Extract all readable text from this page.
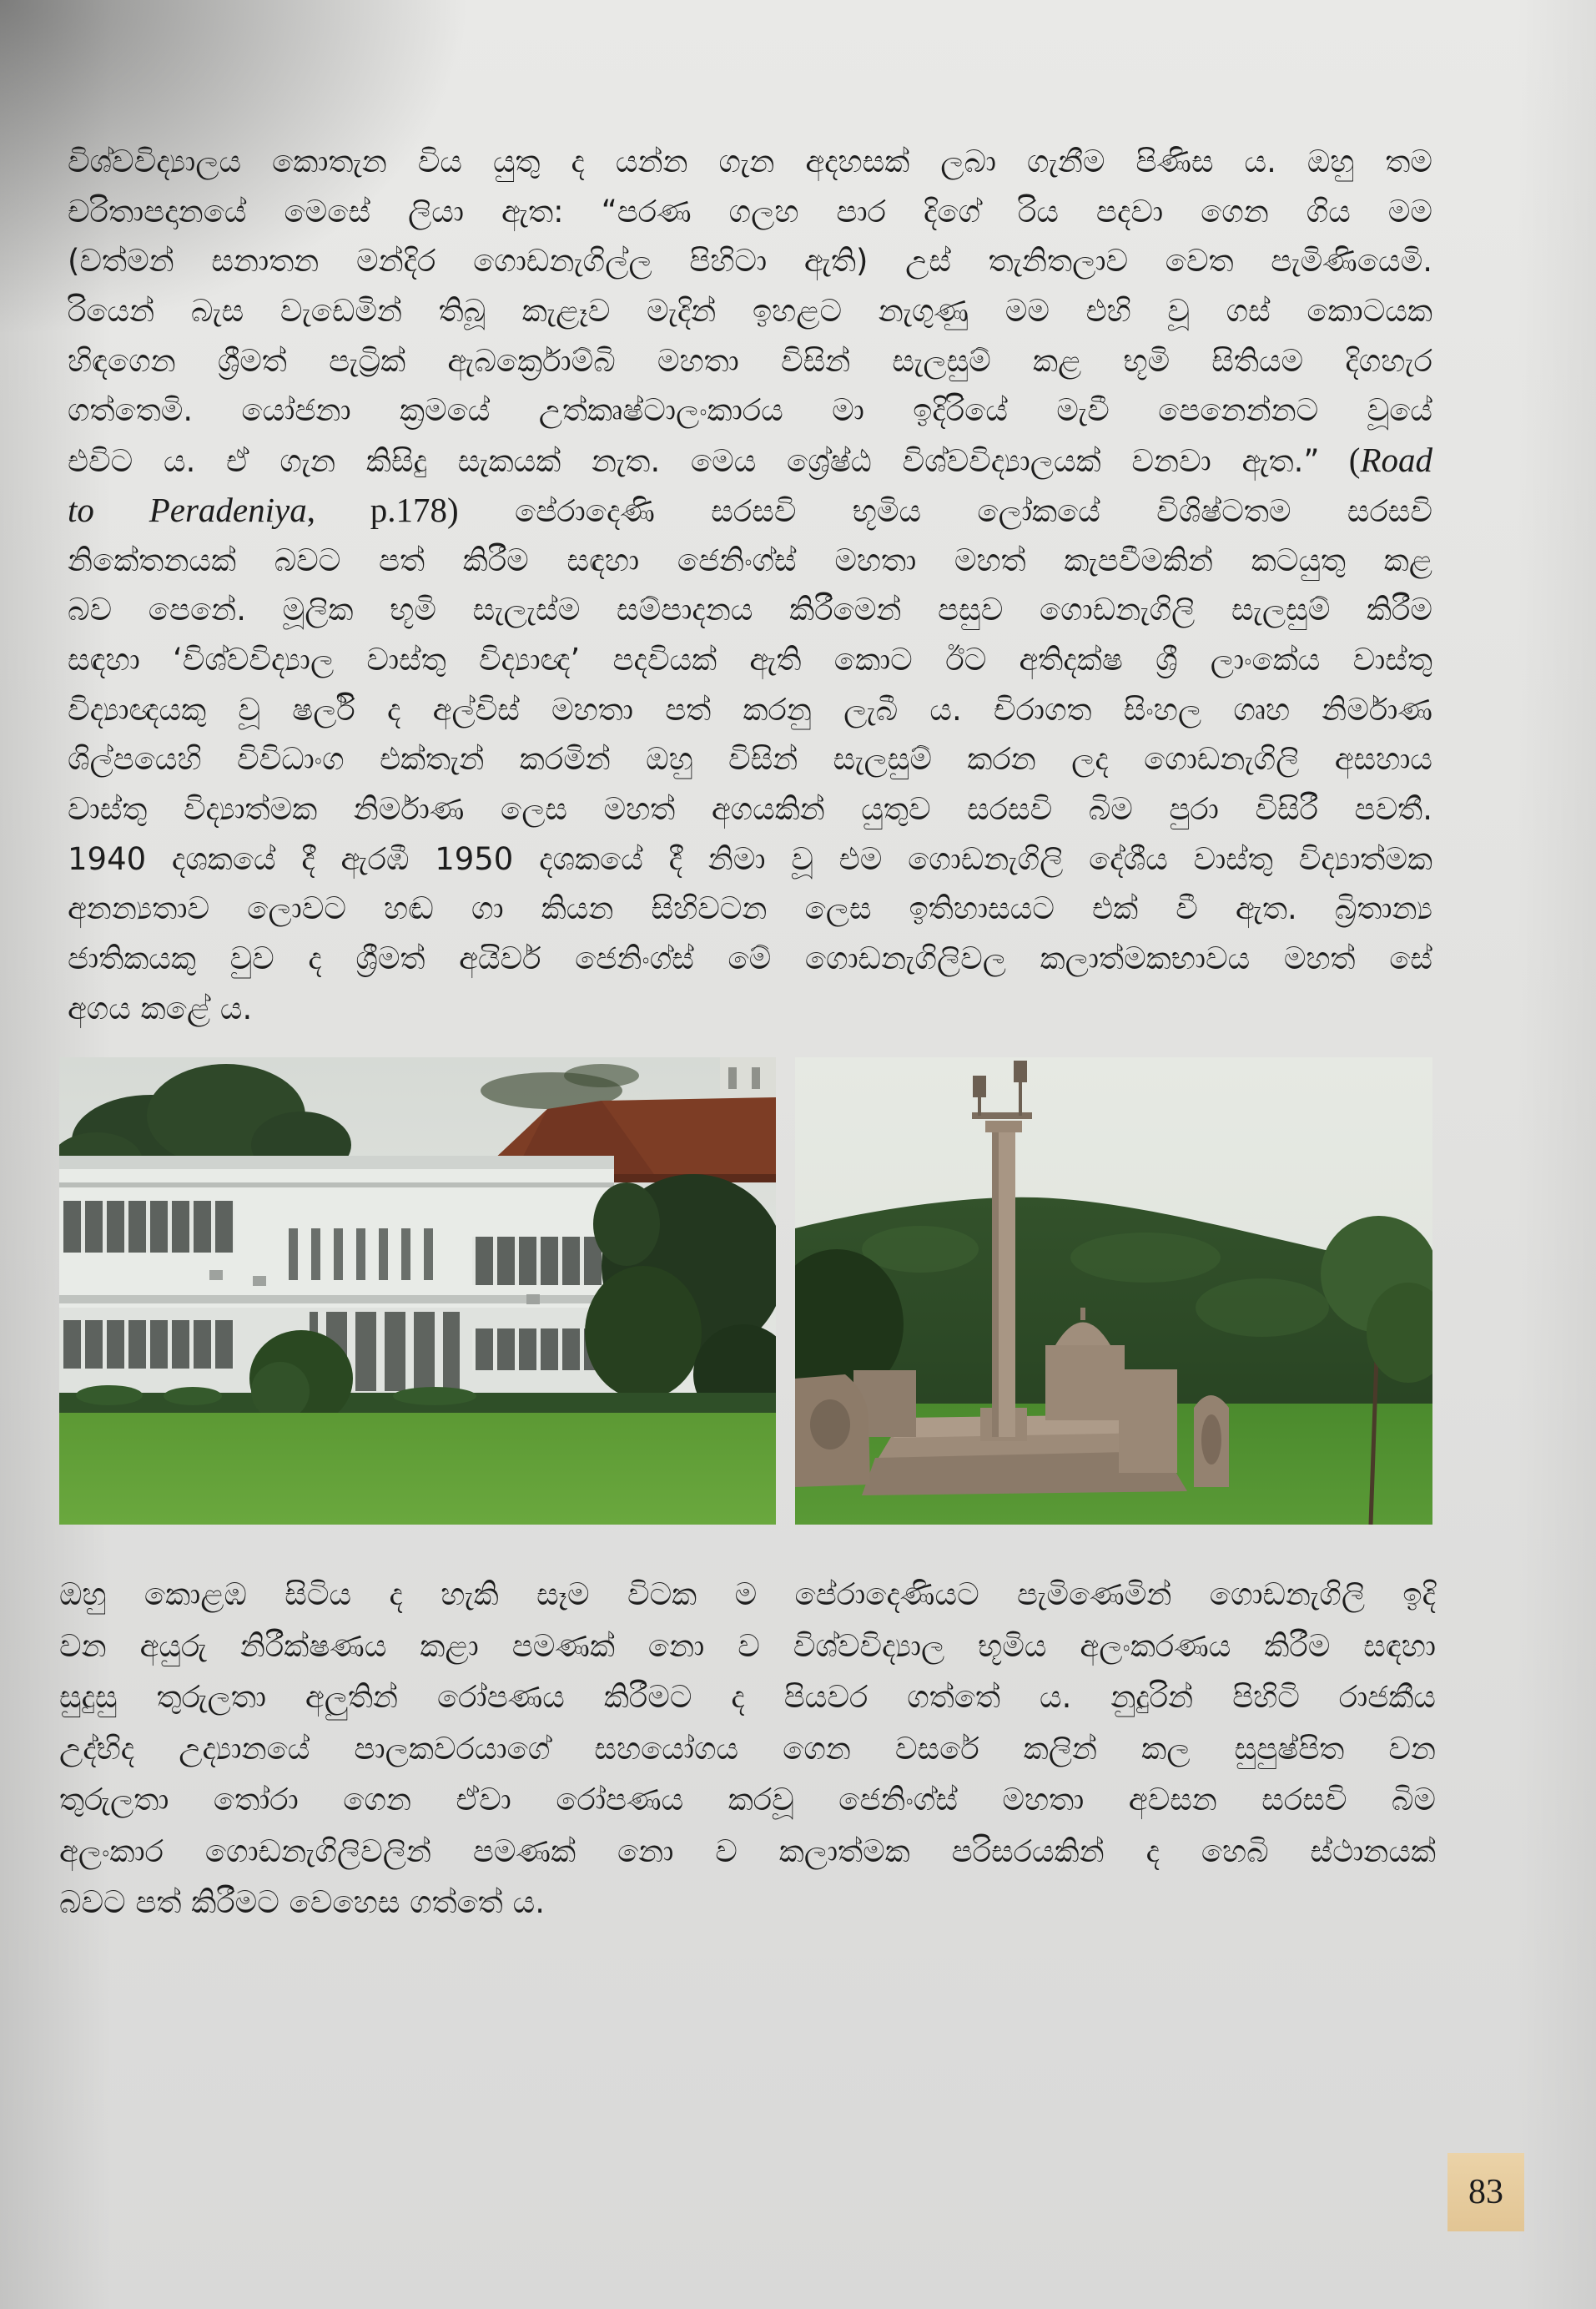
විශ්වවිද්‍යාලය කොතැන විය යුතු ද යන්න ගැන අදහසක් ලබා ගැනීම පිණිස ය. ඔහු තම
චරිතාපදානයේ මෙසේ ලියා ඇත: “පරණ ගලහ පාර දිගේ රිය පදවා ගෙන ගිය මම
(වත්මන් සනාතන මන්දිර ගොඩනැගිල්ල පිහිටා ඇති) උස් තැනිතලාව වෙත පැමිණියෙමි.
රියෙන් බැස වැඩෙමින් තිබූ කැළෑව මැදින් ඉහළට නැගුණු මම එහි වූ ගස් කොටයක
හිඳගෙන ශ්‍රීමත් පැට්‍රික් ඇබර්ක්‍රොම්බි මහතා විසින් සැලසුම් කළ භූමි සිතියම දිගහැර
ගත්තෙමි. යෝජනා ක්‍රමයේ උත්කෘෂ්ටාලංකාරය මා ඉදිරියේ මැවී පෙනෙන්නට වූයේ
එවිට ය. ඒ ගැන කිසිදු සැකයක් නැත. මෙය ශ්‍රේෂ්ඨ විශ්වවිද්‍යාලයක් වනවා ඇත.” (Road
to Peradeniya, p.178) පේරාදෙණි සරසවි භූමිය ලෝකයේ විශිෂ්ටතම සරසවි
නිකේතනයක් බවට පත් කිරීම සඳහා ජෙනිංග්ස් මහතා මහත් කැපවීමකින් කටයුතු කළ
බව පෙනේ. මූලික භූමි සැලැස්ම සම්පාදනය කිරීමෙන් පසුව ගොඩනැගිලි සැලසුම් කිරීම
සඳහා ‘විශ්වවිද්‍යාල වාස්තු විද්‍යාඥ’ පදවියක් ඇති කොට ඊට අතිදක්ෂ ශ්‍රී ලාංකේය වාස්තු
විද්‍යාඥයකු වූ ෂර්ලි ද අල්විස් මහතා පත් කරනු ලැබී ය. චිරාගත සිංහල ගෘහ නිර්මාණ
ශිල්පයෙහි විවිධාංග එක්තැන් කරමින් ඔහු විසින් සැලසුම් කරන ලද ගොඩනැගිලි අසහාය
වාස්තු විද්‍යාත්මක නිර්මාණ ලෙස මහත් අගයකින් යුතුව සරසවි බිම පුරා විසිරී පවතී.
1940 දශකයේ දී ඇරඹී 1950 දශකයේ දී නිමා වූ එම ගොඩනැගිලි දේශීය වාස්තු විද්‍යාත්මක
අනන්‍යතාව ලොවට හඬ ගා කියන සිහිවටන ලෙස ඉතිහාසයට එක් වී ඇත. බ්‍රිතාන්‍ය
ජාතිකයකු වුව ද ශ්‍රීමත් අයිවර් ජෙනිංග්ස් මේ ගොඩනැගිලිවල කලාත්මකභාවය මහත් සේ
අගය කළේ ය.
ඔහු කොළඹ සිටිය ද හැකි සෑම විටක ම පේරාදෙණියට පැමිණෙමින් ගොඩනැගිලි ඉදි
වන අයුරු නිරීක්ෂණය කළා පමණක් නො ව විශ්වවිද්‍යාල භූමිය අලංකරණය කිරීම සඳහා
සුදුසු තුරුලතා අලුතින් රෝපණය කිරීමට ද පියවර ගත්තේ ය. නුදුරින් පිහිටි රාජකීය
උද්භිද උද්‍යානයේ පාලකවරයාගේ සහයෝගය ගෙන වසරේ කලින් කල සුපුෂ්පිත වන
තුරුලතා තෝරා ගෙන ඒවා රෝපණය කරවූ ජෙනිංග්ස් මහතා අවසන සරසවි බිම
අලංකාර ගොඩනැගිලිවලින් පමණක් නො ව කලාත්මක පරිසරයකින් ද හෙබි ස්ථානයක්
බවට පත් කිරීමට වෙහෙස ගත්තේ ය.
83
